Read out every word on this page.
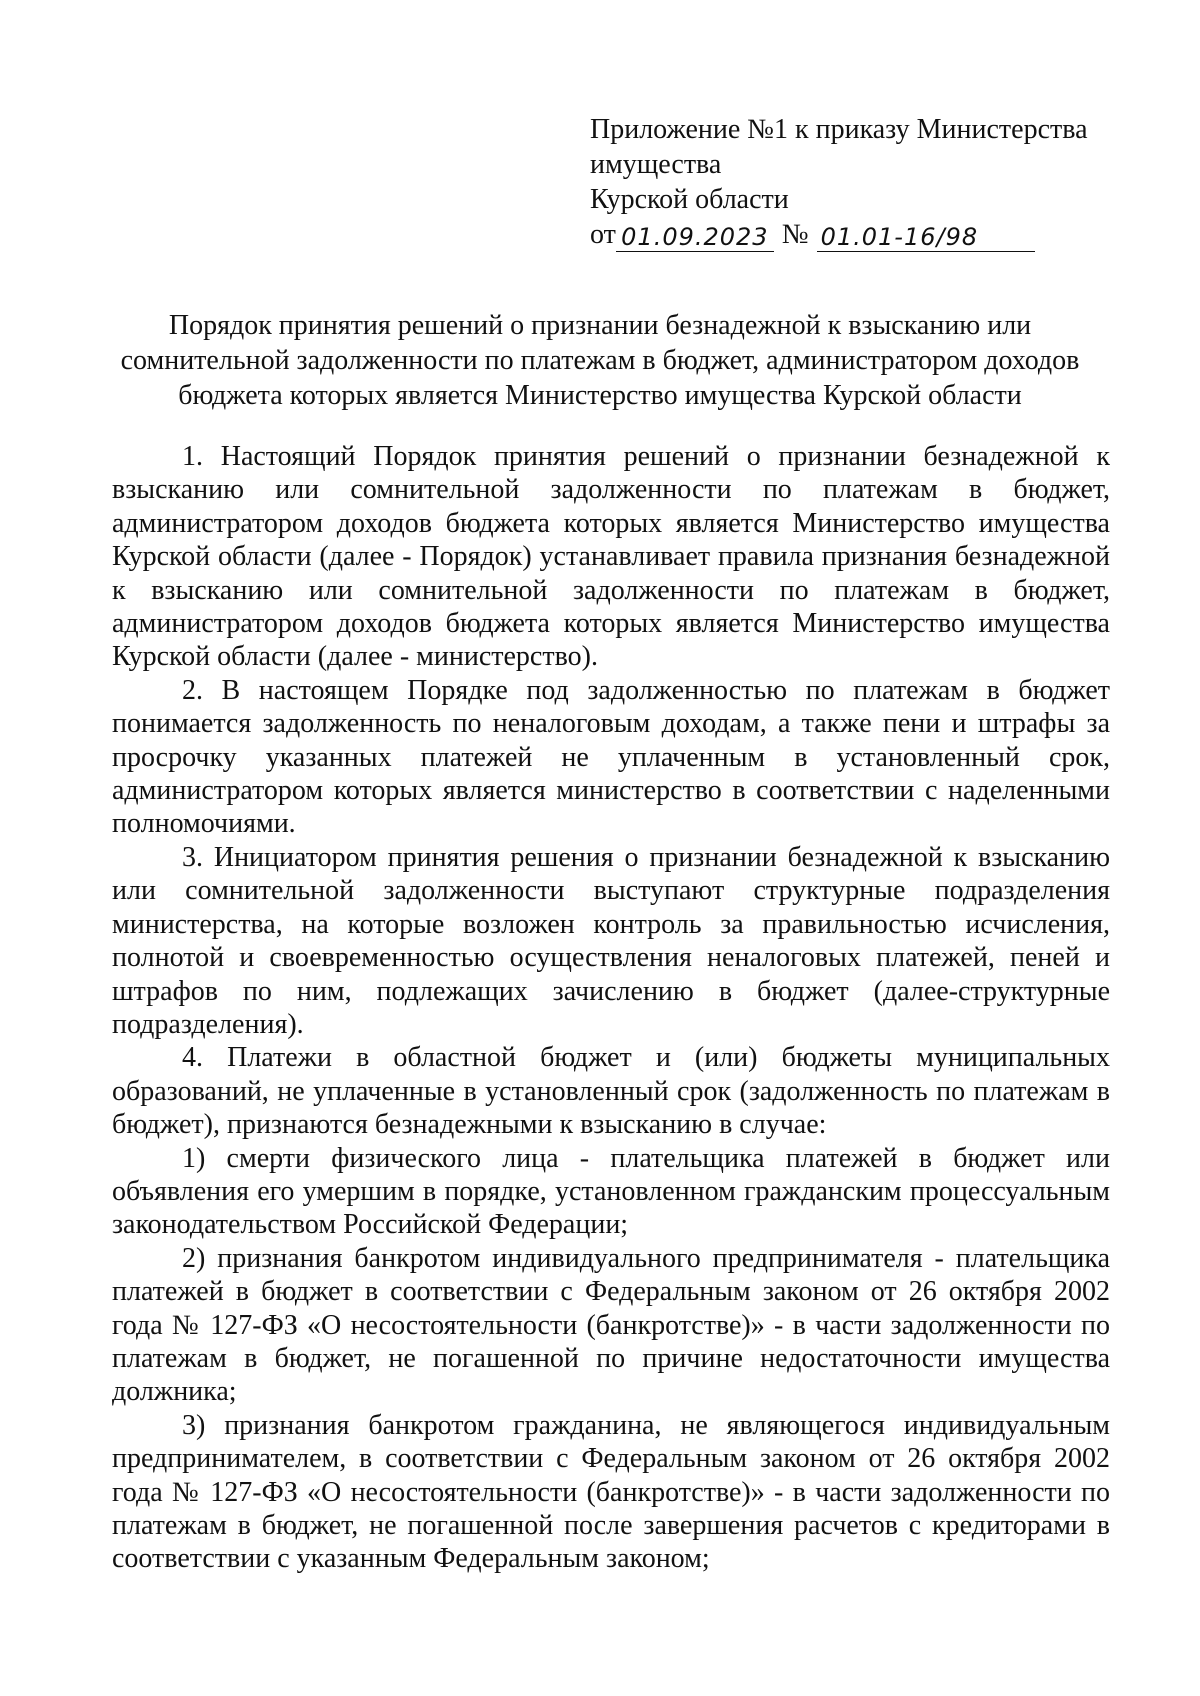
Приложение №1 к приказу Министерства
имущества
Курской области
от 01.09.2023 № 01.01-16/98
Порядок принятия решений о признании безнадежной к взысканию или
сомнительной задолженности по платежам в бюджет, администратором доходов
бюджета которых является Министерство имущества Курской области

1. Настоящий Порядок принятия решений о признании безнадежной к взысканию или сомнительной задолженности по платежам в бюджет, администратором доходов бюджета которых является Министерство имущества Курской области (далее - Порядок) устанавливает правила признания безнадежной к взысканию или сомнительной задолженности по платежам в бюджет, администратором доходов бюджета которых является Министерство имущества Курской области (далее - министерство).

2. В настоящем Порядке под задолженностью по платежам в бюджет понимается задолженность по неналоговым доходам, а также пени и штрафы за просрочку указанных платежей не уплаченным в установленный срок, администратором которых является министерство в соответствии с наделенными полномочиями.

3. Инициатором принятия решения о признании безнадежной к взысканию или сомнительной задолженности выступают структурные подразделения министерства, на которые возложен контроль за правильностью исчисления, полнотой и своевременностью осуществления неналоговых платежей, пеней и штрафов по ним, подлежащих зачислению в бюджет (далее-структурные подразделения).

4. Платежи в областной бюджет и (или) бюджеты муниципальных образований, не уплаченные в установленный срок (задолженность по платежам в бюджет), признаются безнадежными к взысканию в случае:

1) смерти физического лица - плательщика платежей в бюджет или объявления его умершим в порядке, установленном гражданским процессуальным законодательством Российской Федерации;

2) признания банкротом индивидуального предпринимателя - плательщика платежей в бюджет в соответствии с Федеральным законом от 26 октября 2002 года № 127-ФЗ «О несостоятельности (банкротстве)» - в части задолженности по платежам в бюджет, не погашенной по причине недостаточности имущества должника;

3) признания банкротом гражданина, не являющегося индивидуальным предпринимателем, в соответствии с Федеральным законом от 26 октября 2002 года № 127-ФЗ «О несостоятельности (банкротстве)» - в части задолженности по платежам в бюджет, не погашенной после завершения расчетов с кредиторами в соответствии с указанным Федеральным законом;
